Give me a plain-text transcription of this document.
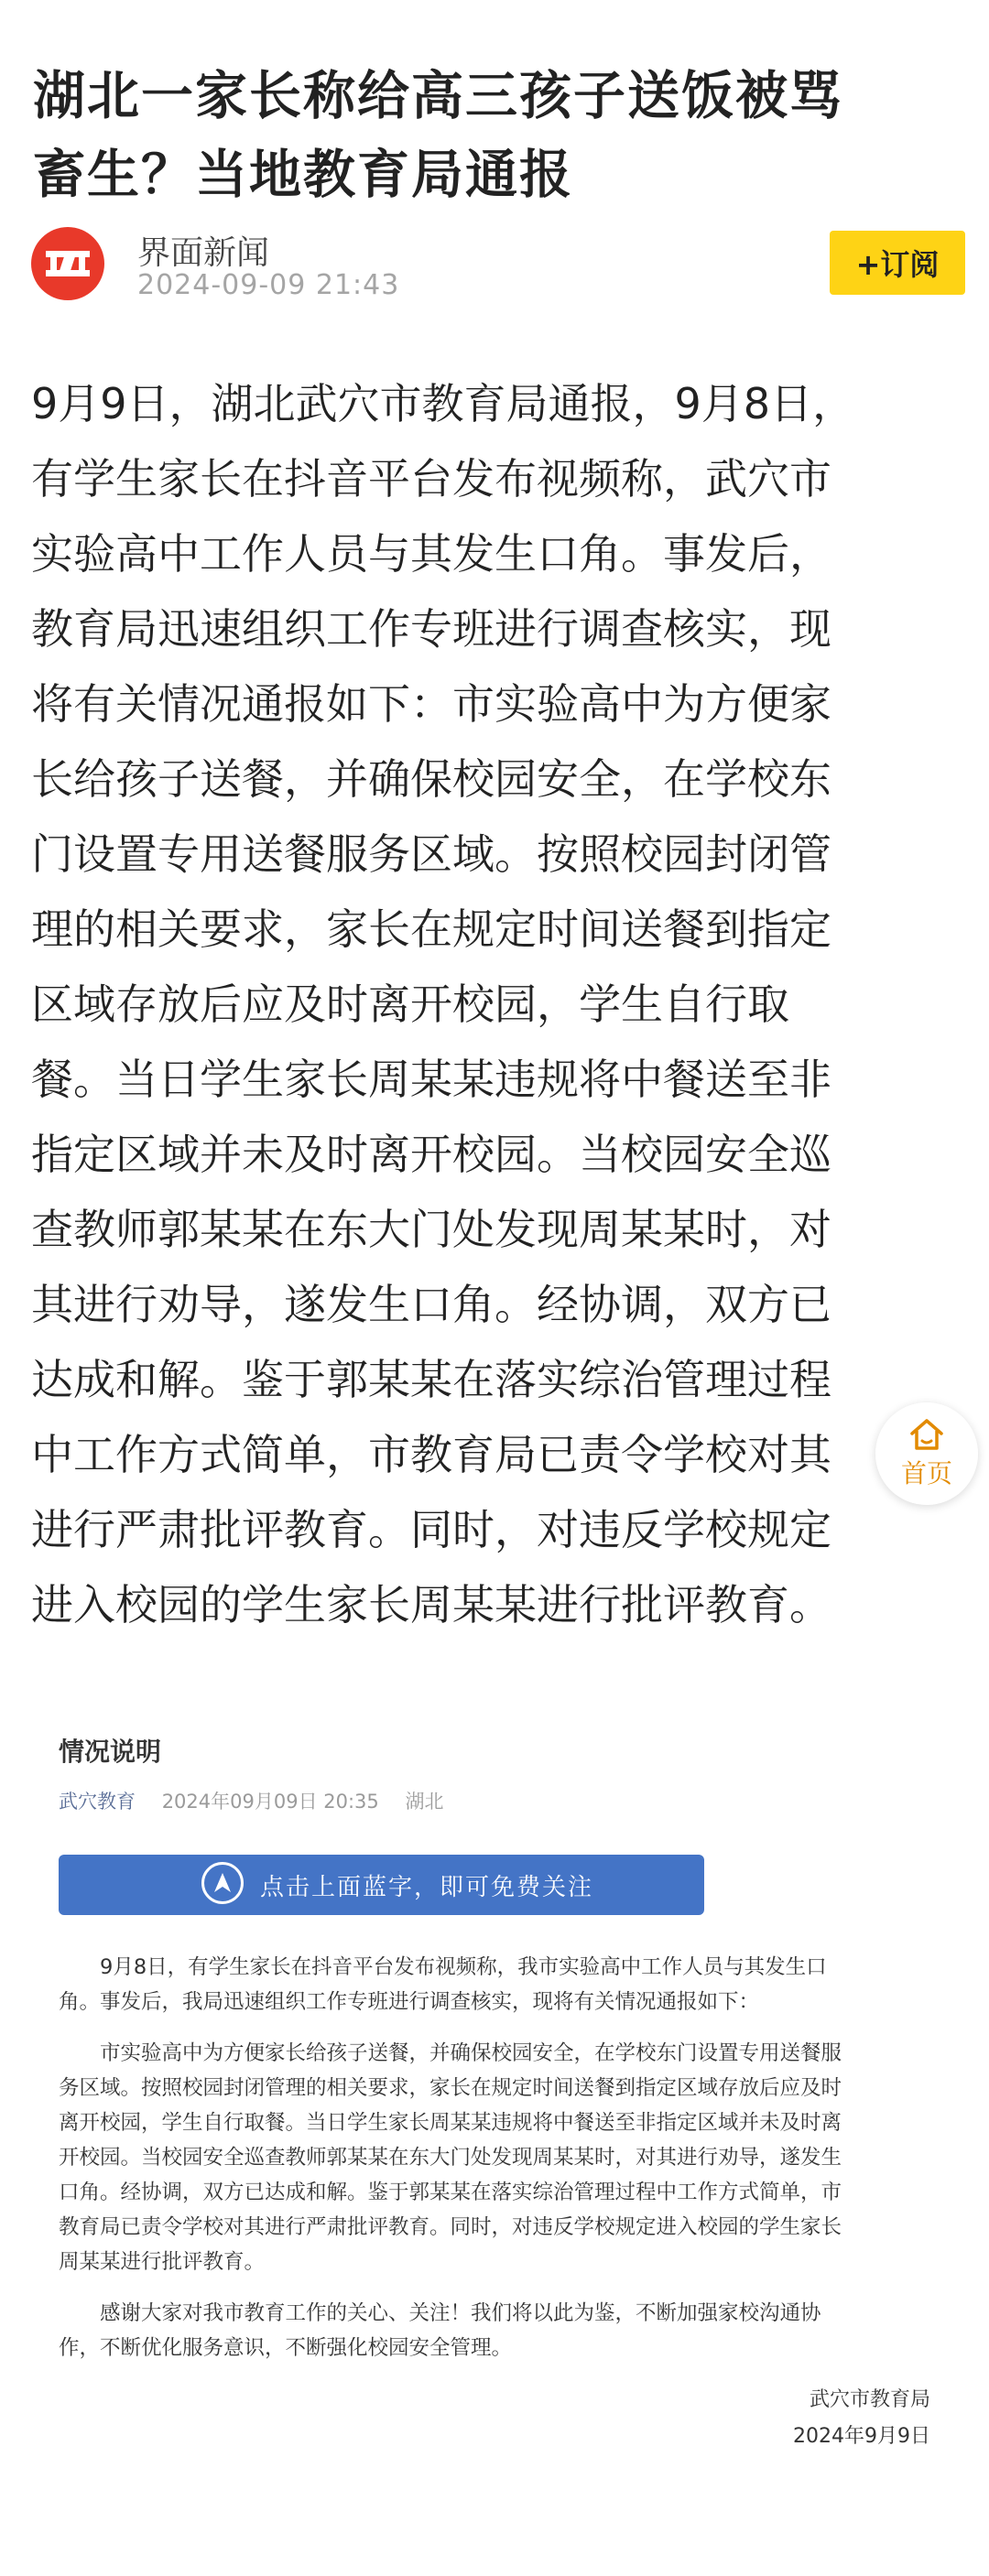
湖北一家长称给高三孩子送饭被骂
畜生？当地教育局通报
界面新闻
2024-09-09 21:43
+订阅
9月9日，湖北武穴市教育局通报，9月8日，
有学生家长在抖音平台发布视频称，武穴市
实验高中工作人员与其发生口角。事发后，
教育局迅速组织工作专班进行调查核实，现
将有关情况通报如下：市实验高中为方便家
长给孩子送餐，并确保校园安全，在学校东
门设置专用送餐服务区域。按照校园封闭管
理的相关要求，家长在规定时间送餐到指定
区域存放后应及时离开校园，学生自行取
餐。当日学生家长周某某违规将中餐送至非
指定区域并未及时离开校园。当校园安全巡
查教师郭某某在东大门处发现周某某时，对
其进行劝导，遂发生口角。经协调，双方已
达成和解。鉴于郭某某在落实综治管理过程
中工作方式简单，市教育局已责令学校对其
进行严肃批评教育。同时，对违反学校规定
进入校园的学生家长周某某进行批评教育。
首页
情况说明
武穴教育 2024年09月09日 20:35 湖北
点击上面蓝字，即可免费关注
9月8日，有学生家长在抖音平台发布视频称，我市实验高中工作人员与其发生口
角。事发后，我局迅速组织工作专班进行调查核实，现将有关情况通报如下：
市实验高中为方便家长给孩子送餐，并确保校园安全，在学校东门设置专用送餐服
务区域。按照校园封闭管理的相关要求，家长在规定时间送餐到指定区域存放后应及时
离开校园，学生自行取餐。当日学生家长周某某违规将中餐送至非指定区域并未及时离
开校园。当校园安全巡查教师郭某某在东大门处发现周某某时，对其进行劝导，遂发生
口角。经协调，双方已达成和解。鉴于郭某某在落实综治管理过程中工作方式简单，市
教育局已责令学校对其进行严肃批评教育。同时，对违反学校规定进入校园的学生家长
周某某进行批评教育。
感谢大家对我市教育工作的关心、关注！我们将以此为鉴，不断加强家校沟通协
作，不断优化服务意识，不断强化校园安全管理。
武穴市教育局
2024年9月9日
